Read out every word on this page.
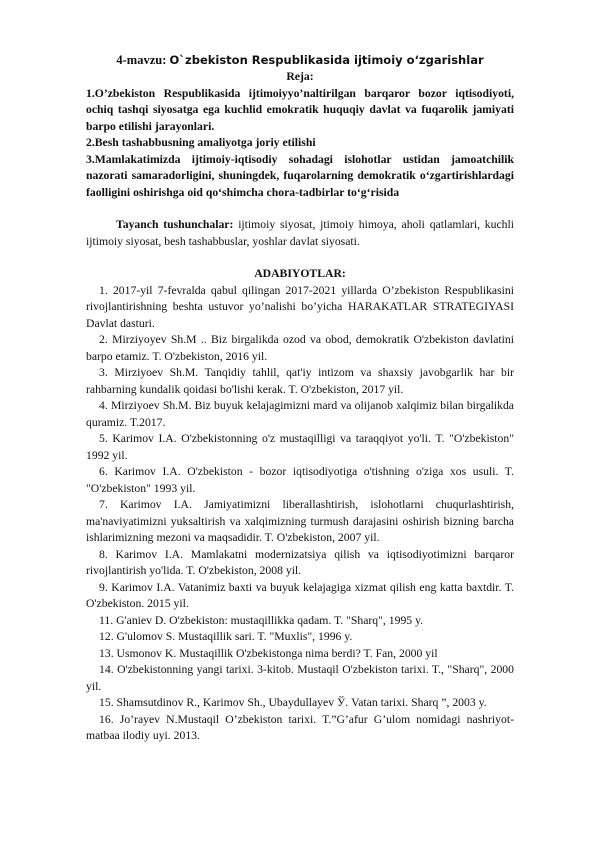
4-mavzu: O`zbekiston Respublikasida ijtimoiy o‘zgarishlar
Reja:

1.O’zbekiston Respublikasida ijtimoiyyo’naltirilgan barqaror bozor iqtisodiyoti, ochiq tashqi siyosatga ega kuchlid emokratik huquqiy davlat va fuqarolik jamiyati barpo etilishi jarayonlari.

2.Besh tashabbusning amaliyotga joriy etilishi

3.Mamlakatimizda ijtimoiy-iqtisodiy sohadagi islohotlar ustidan jamoatchilik nazorati samaradorligini, shuningdek, fuqarolarning demokratik o‘zgartirishlardagi faolligini oshirishga oid qo‘shimcha chora-tadbirlar to‘g‘risida

Tayanch tushunchalar: ijtimoiy siyosat, jtimoiy himoya, aholi qatlamlari, kuchli ijtimoiy siyosat, besh tashabbuslar, yoshlar davlat siyosati.

ADABIYOTLAR:
1. 2017-yil 7-fevralda qabul qilingan 2017-2021 yillarda O’zbekiston Respublikasini rivojlantirishning beshta ustuvor yo’nalishi bo’yicha HARAKATLAR STRATEGIYASI Davlat dasturi.
2. Mirziyoyev Sh.M .. Biz birgalikda ozod va obod, demokratik O'zbekiston davlatini barpo etamiz. T. O'zbekiston, 2016 yil.
3. Mirziyoev Sh.M. Tanqidiy tahlil, qat'iy intizom va shaxsiy javobgarlik har bir rahbarning kundalik qoidasi bo'lishi kerak. T. O'zbekiston, 2017 yil.
4. Mirziyoev Sh.M. Biz buyuk kelajagimizni mard va olijanob xalqimiz bilan birgalikda quramiz. T.2017.
5. Karimov I.A. O'zbekistonning o'z mustaqilligi va taraqqiyot yo'li. T. "O'zbekiston" 1992 yil.
6. Karimov I.A. O'zbekiston - bozor iqtisodiyotiga o'tishning o'ziga xos usuli. T. "O'zbekiston" 1993 yil.
7. Karimov I.A. Jamiyatimizni liberallashtirish, islohotlarni chuqurlashtirish, ma'naviyatimizni yuksaltirish va xalqimizning turmush darajasini oshirish bizning barcha ishlarimizning mezoni va maqsadidir. T. O'zbekiston, 2007 yil.
8. Karimov I.A. Mamlakatni modernizatsiya qilish va iqtisodiyotimizni barqaror rivojlantirish yo'lida. T. O'zbekiston, 2008 yil.
9. Karimov I.A. Vatanimiz baxti va buyuk kelajagiga xizmat qilish eng katta baxtdir. T. O'zbekiston. 2015 yil.
11. G'aniev D. O'zbekiston: mustaqillikka qadam. T. "Sharq", 1995 y.
12. G'ulomov S. Mustaqillik sari. T. "Muxlis", 1996 y.
13. Usmonov K. Mustaqillik O'zbekistonga nima berdi? T. Fan, 2000 yil
14. O'zbekistonning yangi tarixi. 3-kitob. Mustaqil O'zbekiston tarixi. T., "Sharq", 2000 yil.
15. Shamsutdinov R., Karimov Sh., Ubaydullayev Ў. Vatan tarixi. Sharq ”, 2003 y.
16. Jo’rayev N.Mustaqil O’zbekiston tarixi. T.”G’afur G’ulom nomidagi nashriyot-matbaa ilodiy uyi. 2013.
